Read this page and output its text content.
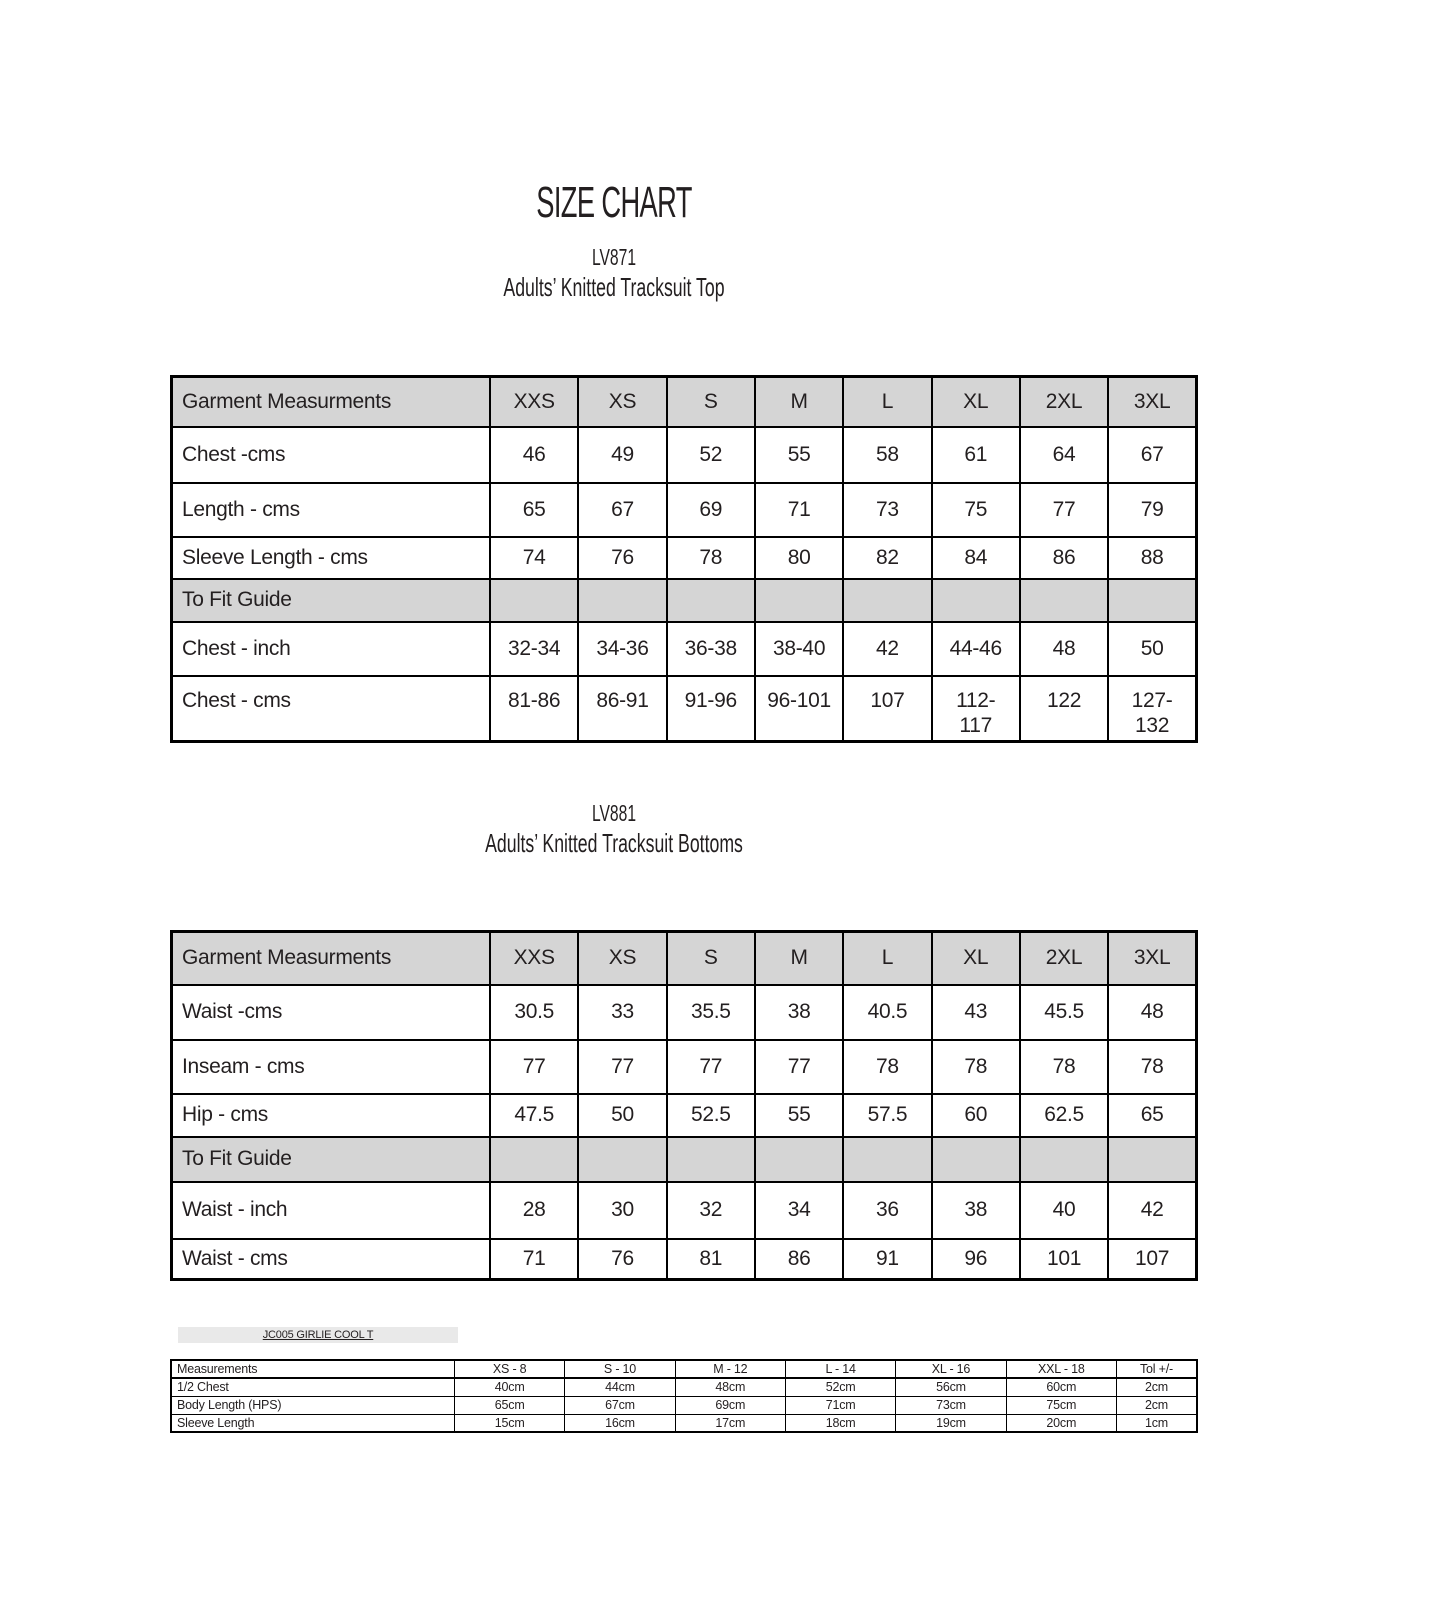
SIZE CHART
LV871
Adults’ Knitted Tracksuit Top
Garment Measurments	XXS	XS	S	M	L	XL	2XL	3XL
Chest -cms	46	49	52	55	58	61	64	67
Length - cms	65	67	69	71	73	75	77	79
Sleeve Length - cms	74	76	78	80	82	84	86	88
To Fit Guide								
Chest - inch	32-34	34-36	36-38	38-40	42	44-46	48	50
Chest - cms	81-86	86-91	91-96	96-101	107	112-117	122	127-132
LV881
Adults’ Knitted Tracksuit Bottoms
Garment Measurments	XXS	XS	S	M	L	XL	2XL	3XL
Waist -cms	30.5	33	35.5	38	40.5	43	45.5	48
Inseam - cms	77	77	77	77	78	78	78	78
Hip - cms	47.5	50	52.5	55	57.5	60	62.5	65
To Fit Guide								
Waist - inch	28	30	32	34	36	38	40	42
Waist - cms	71	76	81	86	91	96	101	107
JC005 GIRLIE COOL T
Measurements	XS - 8	S - 10	M - 12	L - 14	XL - 16	XXL - 18	Tol +/-
1/2 Chest	40cm	44cm	48cm	52cm	56cm	60cm	2cm
Body Length (HPS)	65cm	67cm	69cm	71cm	73cm	75cm	2cm
Sleeve Length	15cm	16cm	17cm	18cm	19cm	20cm	1cm
